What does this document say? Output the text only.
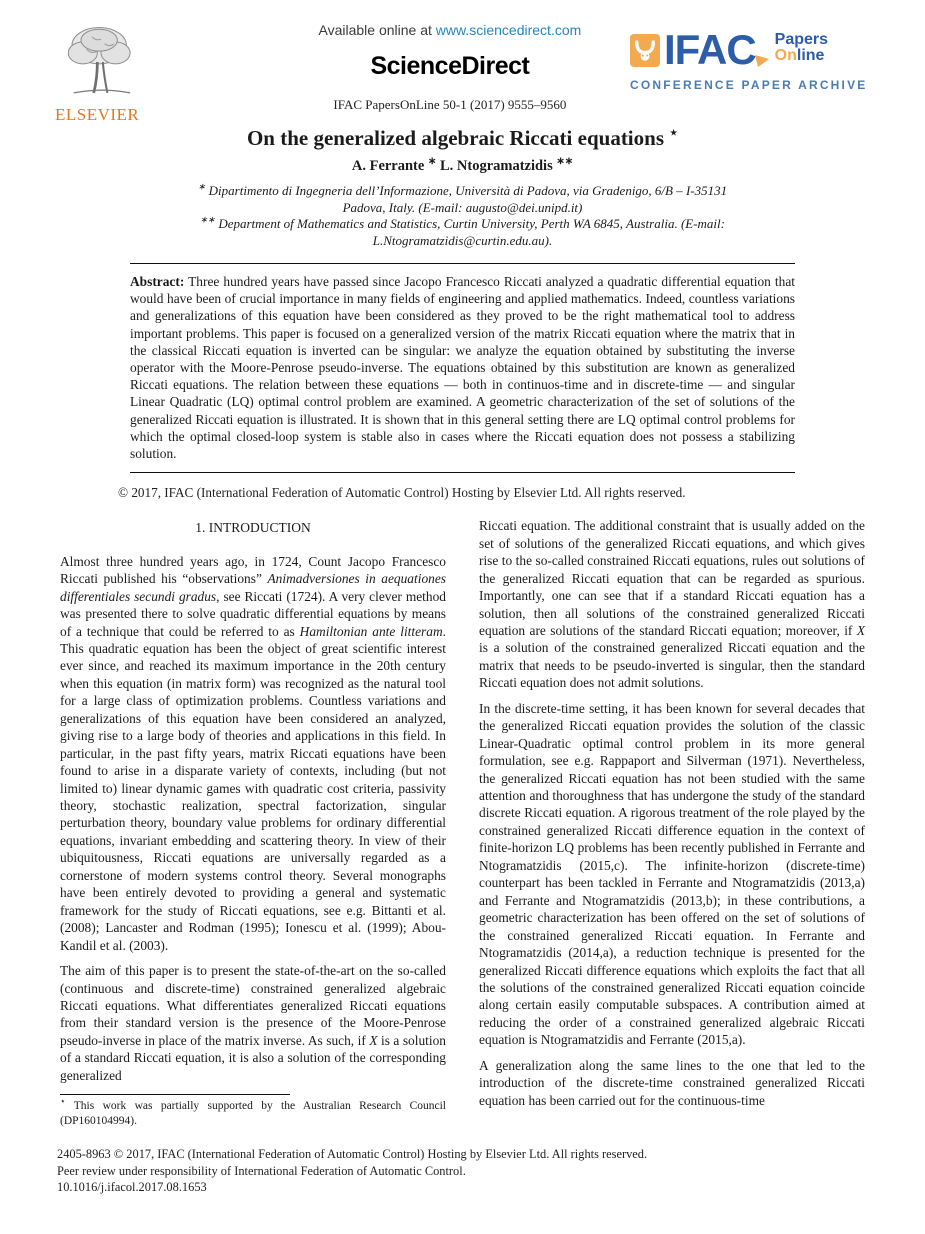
ELSEVIER
Available online at www.sciencedirect.com
ScienceDirect
IFAC PapersOnLine 50-1 (2017) 9555–9560
IFAC Papers
Online
CONFERENCE PAPER ARCHIVE
On the generalized algebraic Riccati equations ⋆
A. Ferrante ∗ L. Ntogramatzidis ∗∗
∗ Dipartimento di Ingegneria dell’Informazione, Università di Padova, via Gradenigo, 6/B – I-35131 Padova, Italy. (E-mail: augusto@dei.unipd.it)
∗∗ Department of Mathematics and Statistics, Curtin University, Perth WA 6845, Australia. (E-mail: L.Ntogramatzidis@curtin.edu.au).

Abstract: Three hundred years have passed since Jacopo Francesco Riccati analyzed a quadratic differential equation that would have been of crucial importance in many fields of engineering and applied mathematics. Indeed, countless variations and generalizations of this equation have been considered as they proved to be the right mathematical tool to address important problems. This paper is focused on a generalized version of the matrix Riccati equation where the matrix that in the classical Riccati equation is inverted can be singular: we analyze the equation obtained by substituting the inverse operator with the Moore-Penrose pseudo-inverse. The equations obtained by this substitution are known as generalized Riccati equations. The relation between these equations — both in continuos-time and in discrete-time — and singular Linear Quadratic (LQ) optimal control problem are examined. A geometric characterization of the set of solutions of the generalized Riccati equation is illustrated. It is shown that in this general setting there are LQ optimal control problems for which the optimal closed-loop system is stable also in cases where the Riccati equation does not possess a stabilizing solution.

© 2017, IFAC (International Federation of Automatic Control) Hosting by Elsevier Ltd. All rights reserved.
1. INTRODUCTION

Almost three hundred years ago, in 1724, Count Jacopo Francesco Riccati published his “observations” Animadversiones in aequationes differentiales secundi gradus, see Riccati (1724). A very clever method was presented there to solve quadratic differential equations by means of a technique that could be referred to as Hamiltonian ante litteram. This quadratic equation has been the object of great scientific interest ever since, and reached its maximum importance in the 20th century when this equation (in matrix form) was recognized as the natural tool for a large class of optimization problems. Countless variations and generalizations of this equation have been considered an analyzed, giving rise to a large body of theories and applications in this field. In particular, in the past fifty years, matrix Riccati equations have been found to arise in a disparate variety of contexts, including (but not limited to) linear dynamic games with quadratic cost criteria, passivity theory, stochastic realization, spectral factorization, singular perturbation theory, boundary value problems for ordinary differential equations, invariant embedding and scattering theory. In view of their ubiquitousness, Riccati equations are universally regarded as a cornerstone of modern systems control theory. Several monographs have been entirely devoted to providing a general and systematic framework for the study of Riccati equations, see e.g. Bittanti et al. (2008); Lancaster and Rodman (1995); Ionescu et al. (1999); Abou-Kandil et al. (2003).

The aim of this paper is to present the state-of-the-art on the so-called (continuous and discrete-time) constrained generalized algebraic Riccati equations. What differentiates generalized Riccati equations from their standard version is the presence of the Moore-Penrose pseudo-inverse in place of the matrix inverse. As such, if X is a solution of a standard Riccati equation, it is also a solution of the corresponding generalized

⋆ This work was partially supported by the Australian Research Council (DP160104994).

Riccati equation. The additional constraint that is usually added on the set of solutions of the generalized Riccati equations, and which gives rise to the so-called constrained Riccati equations, rules out solutions of the generalized Riccati equation that can be regarded as spurious. Importantly, one can see that if a standard Riccati equation has a solution, then all solutions of the constrained generalized Riccati equation are solutions of the standard Riccati equation; moreover, if X is a solution of the constrained generalized Riccati equation and the matrix that needs to be pseudo-inverted is singular, then the standard Riccati equation does not admit solutions.

In the discrete-time setting, it has been known for several decades that the generalized Riccati equation provides the solution of the classic Linear-Quadratic optimal control problem in its more general formulation, see e.g. Rappaport and Silverman (1971). Nevertheless, the generalized Riccati equation has not been studied with the same attention and thoroughness that has undergone the study of the standard discrete Riccati equation. A rigorous treatment of the role played by the constrained generalized Riccati difference equation in the context of finite-horizon LQ problems has been recently published in Ferrante and Ntogramatzidis (2015,c). The infinite-horizon (discrete-time) counterpart has been tackled in Ferrante and Ntogramatzidis (2013,a) and Ferrante and Ntogramatzidis (2013,b); in these contributions, a geometric characterization has been offered on the set of solutions of the constrained generalized Riccati equation. In Ferrante and Ntogramatzidis (2014,a), a reduction technique is presented for the generalized Riccati difference equations which exploits the fact that all the solutions of the constrained generalized Riccati equation coincide along certain easily computable subspaces. A contribution aimed at reducing the order of a constrained generalized algebraic Riccati equation is Ntogramatzidis and Ferrante (2015,a).

A generalization along the same lines to the one that led to the introduction of the discrete-time constrained generalized Riccati equation has been carried out for the continuous-time

2405-8963 © 2017, IFAC (International Federation of Automatic Control) Hosting by Elsevier Ltd. All rights reserved.
Peer review under responsibility of International Federation of Automatic Control.
10.1016/j.ifacol.2017.08.1653
